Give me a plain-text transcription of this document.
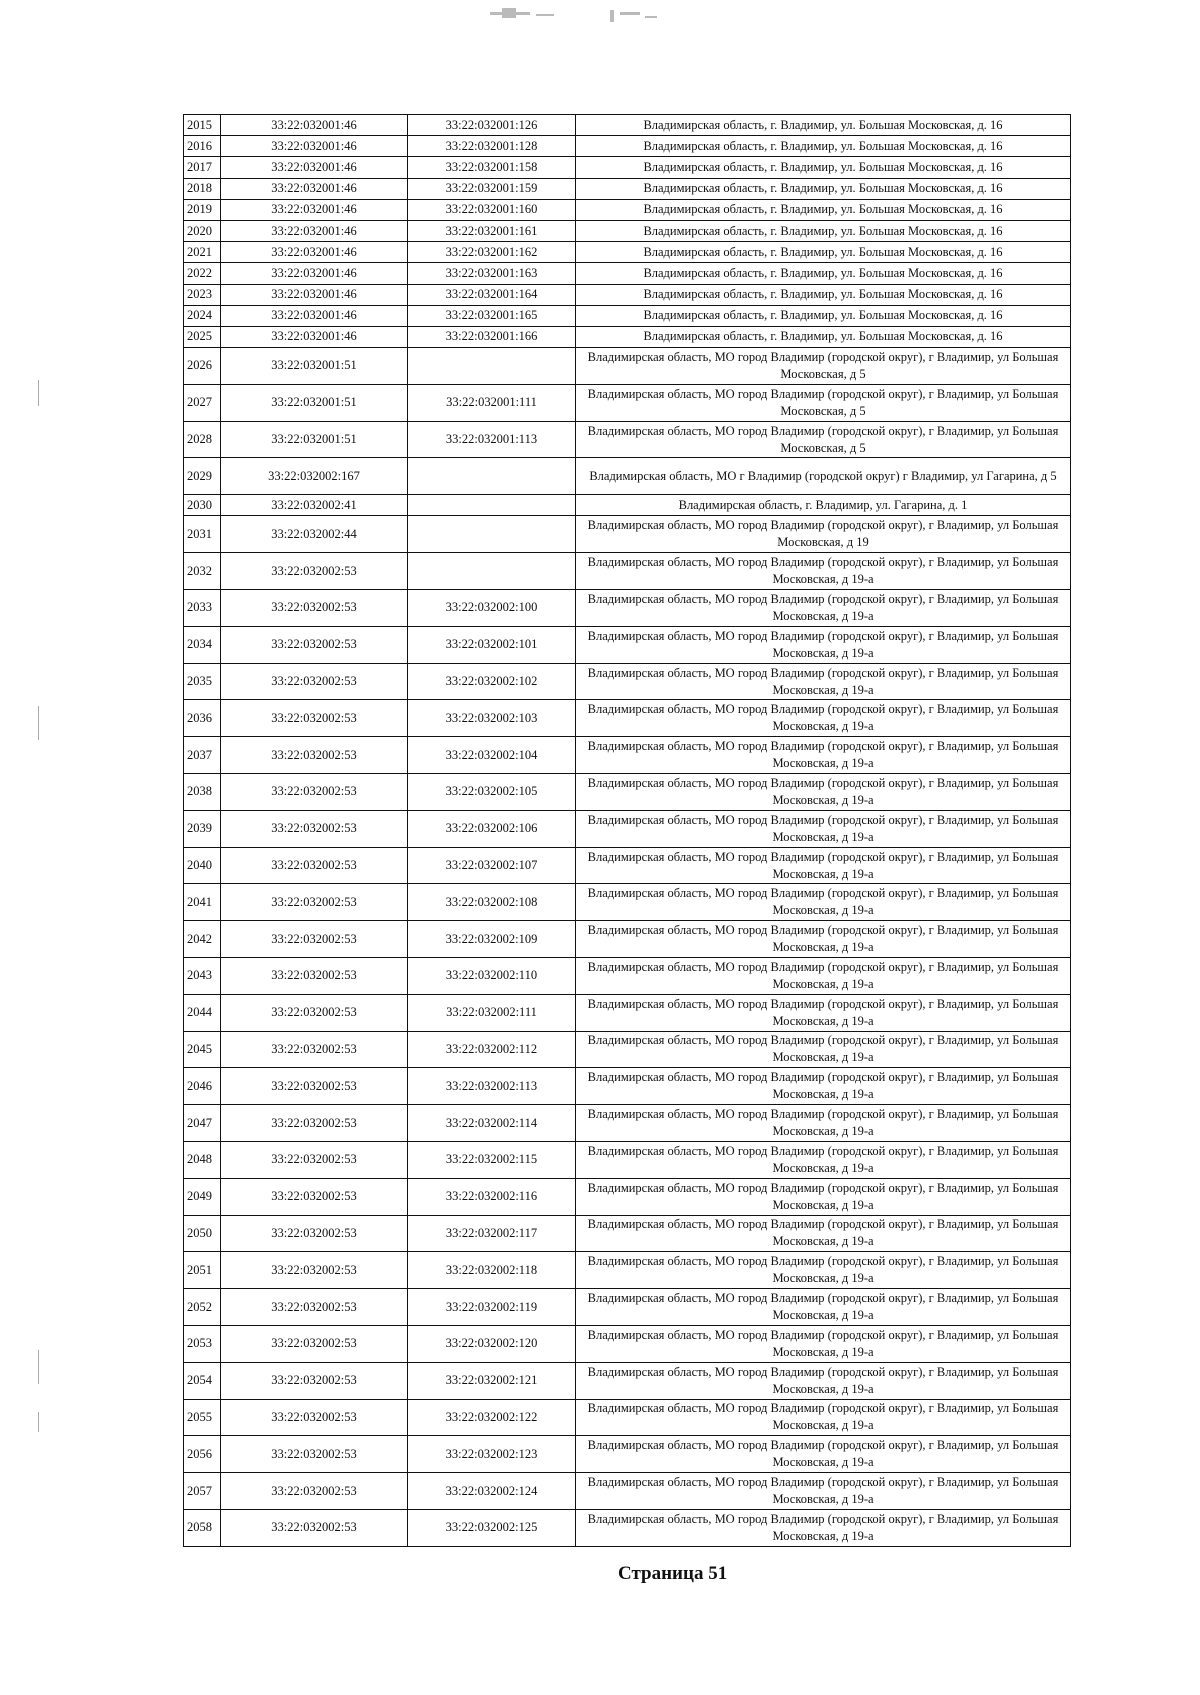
2015	33:22:032001:46	33:22:032001:126	Владимирская область, г. Владимир, ул. Большая Московская, д. 16
2016	33:22:032001:46	33:22:032001:128	Владимирская область, г. Владимир, ул. Большая Московская, д. 16
2017	33:22:032001:46	33:22:032001:158	Владимирская область, г. Владимир, ул. Большая Московская, д. 16
2018	33:22:032001:46	33:22:032001:159	Владимирская область, г. Владимир, ул. Большая Московская, д. 16
2019	33:22:032001:46	33:22:032001:160	Владимирская область, г. Владимир, ул. Большая Московская, д. 16
2020	33:22:032001:46	33:22:032001:161	Владимирская область, г. Владимир, ул. Большая Московская, д. 16
2021	33:22:032001:46	33:22:032001:162	Владимирская область, г. Владимир, ул. Большая Московская, д. 16
2022	33:22:032001:46	33:22:032001:163	Владимирская область, г. Владимир, ул. Большая Московская, д. 16
2023	33:22:032001:46	33:22:032001:164	Владимирская область, г. Владимир, ул. Большая Московская, д. 16
2024	33:22:032001:46	33:22:032001:165	Владимирская область, г. Владимир, ул. Большая Московская, д. 16
2025	33:22:032001:46	33:22:032001:166	Владимирская область, г. Владимир, ул. Большая Московская, д. 16
2026	33:22:032001:51		Владимирская область, МО город Владимир (городской округ), г Владимир, ул Большая Московская, д 5
2027	33:22:032001:51	33:22:032001:111	Владимирская область, МО город Владимир (городской округ), г Владимир, ул Большая Московская, д 5
2028	33:22:032001:51	33:22:032001:113	Владимирская область, МО город Владимир (городской округ), г Владимир, ул Большая Московская, д 5
2029	33:22:032002:167		Владимирская область, МО г Владимир (городской округ) г Владимир, ул Гагарина, д 5
2030	33:22:032002:41		Владимирская область, г. Владимир, ул. Гагарина, д. 1
2031	33:22:032002:44		Владимирская область, МО город Владимир (городской округ), г Владимир, ул Большая Московская, д 19
2032	33:22:032002:53		Владимирская область, МО город Владимир (городской округ), г Владимир, ул Большая Московская, д 19-а
2033	33:22:032002:53	33:22:032002:100	Владимирская область, МО город Владимир (городской округ), г Владимир, ул Большая Московская, д 19-а
2034	33:22:032002:53	33:22:032002:101	Владимирская область, МО город Владимир (городской округ), г Владимир, ул Большая Московская, д 19-а
2035	33:22:032002:53	33:22:032002:102	Владимирская область, МО город Владимир (городской округ), г Владимир, ул Большая Московская, д 19-а
2036	33:22:032002:53	33:22:032002:103	Владимирская область, МО город Владимир (городской округ), г Владимир, ул Большая Московская, д 19-а
2037	33:22:032002:53	33:22:032002:104	Владимирская область, МО город Владимир (городской округ), г Владимир, ул Большая Московская, д 19-а
2038	33:22:032002:53	33:22:032002:105	Владимирская область, МО город Владимир (городской округ), г Владимир, ул Большая Московская, д 19-а
2039	33:22:032002:53	33:22:032002:106	Владимирская область, МО город Владимир (городской округ), г Владимир, ул Большая Московская, д 19-а
2040	33:22:032002:53	33:22:032002:107	Владимирская область, МО город Владимир (городской округ), г Владимир, ул Большая Московская, д 19-а
2041	33:22:032002:53	33:22:032002:108	Владимирская область, МО город Владимир (городской округ), г Владимир, ул Большая Московская, д 19-а
2042	33:22:032002:53	33:22:032002:109	Владимирская область, МО город Владимир (городской округ), г Владимир, ул Большая Московская, д 19-а
2043	33:22:032002:53	33:22:032002:110	Владимирская область, МО город Владимир (городской округ), г Владимир, ул Большая Московская, д 19-а
2044	33:22:032002:53	33:22:032002:111	Владимирская область, МО город Владимир (городской округ), г Владимир, ул Большая Московская, д 19-а
2045	33:22:032002:53	33:22:032002:112	Владимирская область, МО город Владимир (городской округ), г Владимир, ул Большая Московская, д 19-а
2046	33:22:032002:53	33:22:032002:113	Владимирская область, МО город Владимир (городской округ), г Владимир, ул Большая Московская, д 19-а
2047	33:22:032002:53	33:22:032002:114	Владимирская область, МО город Владимир (городской округ), г Владимир, ул Большая Московская, д 19-а
2048	33:22:032002:53	33:22:032002:115	Владимирская область, МО город Владимир (городской округ), г Владимир, ул Большая Московская, д 19-а
2049	33:22:032002:53	33:22:032002:116	Владимирская область, МО город Владимир (городской округ), г Владимир, ул Большая Московская, д 19-а
2050	33:22:032002:53	33:22:032002:117	Владимирская область, МО город Владимир (городской округ), г Владимир, ул Большая Московская, д 19-а
2051	33:22:032002:53	33:22:032002:118	Владимирская область, МО город Владимир (городской округ), г Владимир, ул Большая Московская, д 19-а
2052	33:22:032002:53	33:22:032002:119	Владимирская область, МО город Владимир (городской округ), г Владимир, ул Большая Московская, д 19-а
2053	33:22:032002:53	33:22:032002:120	Владимирская область, МО город Владимир (городской округ), г Владимир, ул Большая Московская, д 19-а
2054	33:22:032002:53	33:22:032002:121	Владимирская область, МО город Владимир (городской округ), г Владимир, ул Большая Московская, д 19-а
2055	33:22:032002:53	33:22:032002:122	Владимирская область, МО город Владимир (городской округ), г Владимир, ул Большая Московская, д 19-а
2056	33:22:032002:53	33:22:032002:123	Владимирская область, МО город Владимир (городской округ), г Владимир, ул Большая Московская, д 19-а
2057	33:22:032002:53	33:22:032002:124	Владимирская область, МО город Владимир (городской округ), г Владимир, ул Большая Московская, д 19-а
2058	33:22:032002:53	33:22:032002:125	Владимирская область, МО город Владимир (городской округ), г Владимир, ул Большая Московская, д 19-а
Страница 51
